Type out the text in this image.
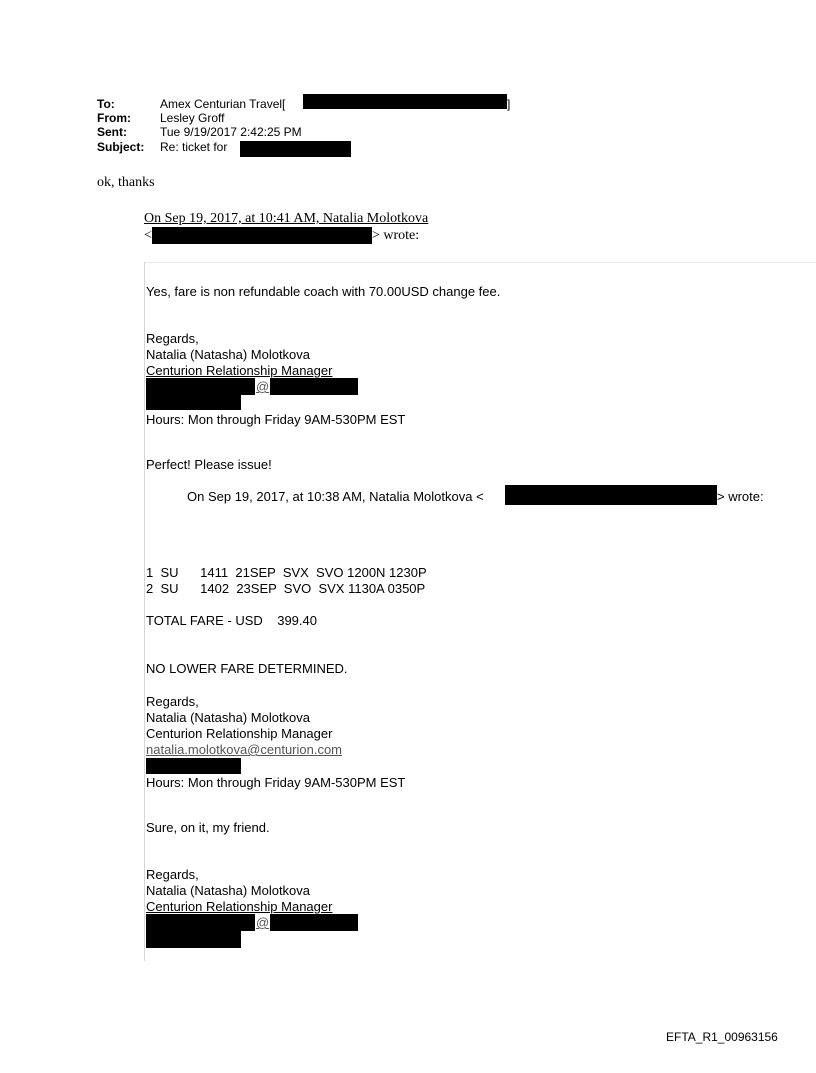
To:	Amex Centurian Travel[	]
From: Lesley Groff
Sent:	Tue 9/19/2017 2:42:25 PM
Subject: Re: ticket for
ok, thanks
On Sep 19, 2017, at 10:41 AM, Natalia Molotkova
<	> wrote:
Yes, fare is non refundable coach with 70.00USD change fee.
Regards,
Natalia (Natasha) Molotkova
Centurion Relationship Manager
@
Hours: Mon through Friday 9AM-530PM EST
Perfect! Please issue!
On Sep 19, 2017, at 10:38 AM, Natalia Molotkova <	> wrote:
1  SU      1411  21SEP  SVX  SVO 1200N 1230P
2  SU      1402  23SEP  SVO  SVX 1130A 0350P
TOTAL FARE - USD    399.40
NO LOWER FARE DETERMINED.
Regards,
Natalia (Natasha) Molotkova
Centurion Relationship Manager
natalia.molotkova@centurion.com
Hours: Mon through Friday 9AM-530PM EST
Sure, on it, my friend.
Regards,
Natalia (Natasha) Molotkova
Centurion Relationship Manager
@
EFTA_R1_00963156
